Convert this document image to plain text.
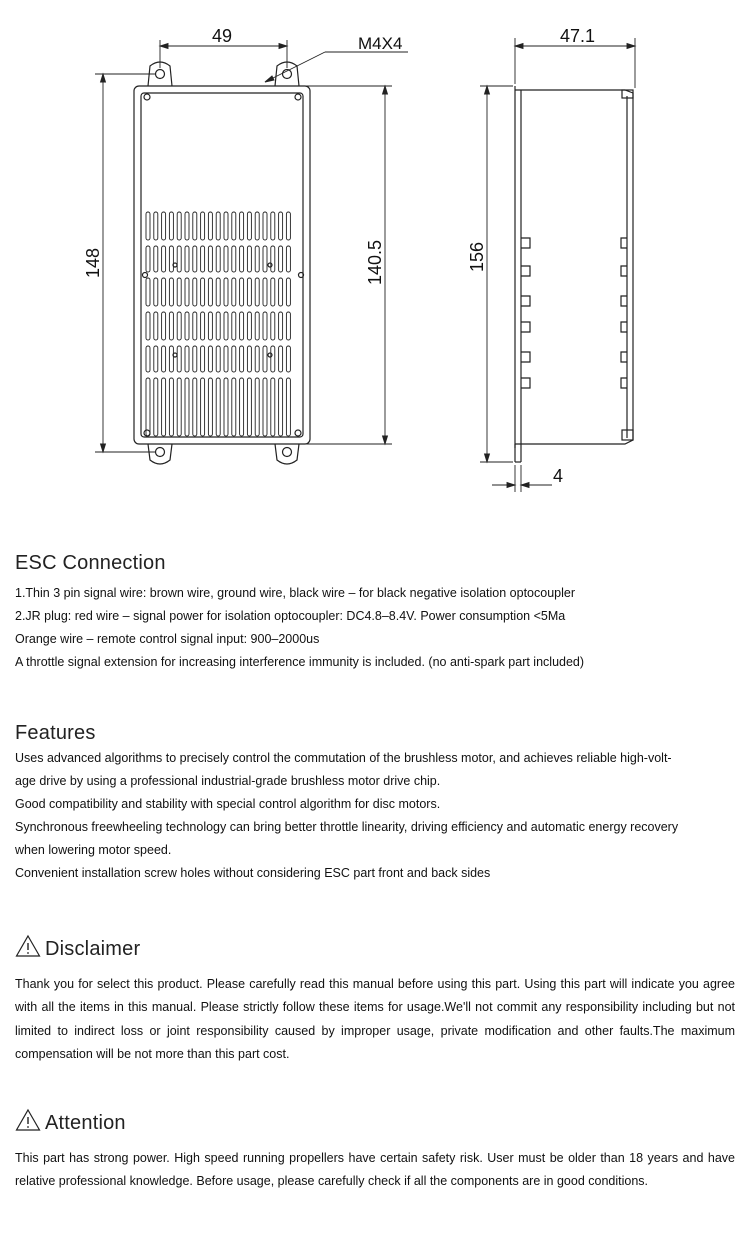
49	M4X4
148	140.5
47.1
156
4
ESC Connection

1.Thin 3 pin signal wire: brown wire, ground wire, black wire – for black negative isolation optocoupler

2.JR plug: red wire – signal power for isolation optocoupler: DC4.8–8.4V. Power consumption <5Ma

Orange wire – remote control signal input: 900–2000us

A throttle signal extension for increasing interference immunity is included. (no anti-spark part included)

Features

Uses advanced algorithms to precisely control the commutation of the brushless motor, and achieves reliable high-volt-

age drive by using a professional industrial-grade brushless motor drive chip.

Good compatibility and stability with special control algorithm for disc motors.

Synchronous freewheeling technology can bring better throttle linearity, driving efficiency and automatic energy recovery

when lowering motor speed.

Convenient installation screw holes without considering ESC part front and back sides

Disclaimer

Thank you for select this product. Please carefully read this manual before using this part. Using this part will indicate you agree with all the items in this manual. Please strictly follow these items for usage.We'll not commit any responsibility including but not limited to indirect loss or joint responsibility caused by improper usage, private modification and other faults.The maximum compensation will be not more than this part cost.

Attention

This part has strong power. High speed running propellers have certain safety risk. User must be older than 18 years and have relative professional knowledge. Before usage, please carefully check if all the components are in good conditions.
